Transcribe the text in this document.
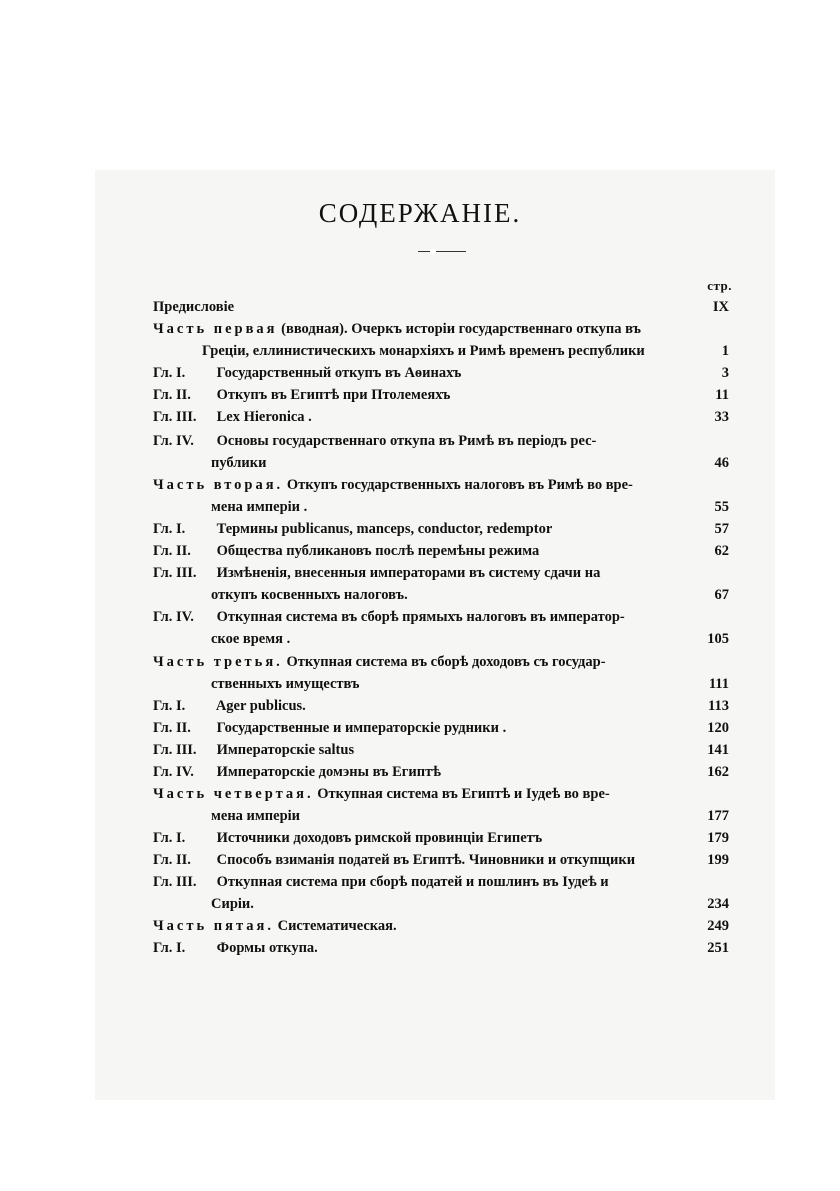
СОДЕРЖАНІЕ.
стр.
Предисловіе	IX
Часть первая (вводная). Очеркъ исторіи государственнаго откупа въ
Греціи, еллинистическихъ монархіяхъ и Римѣ временъ республики	1
Гл. I. Государственный откупъ въ Аѳинахъ	3
Гл. II. Откупъ въ Египтѣ при Птолемеяхъ	11
Гл. III. Lex Hieronica .	33
Гл. IV. Основы государственнаго откупа въ Римѣ въ періодъ рес-
публики	46
Часть вторая. Откупъ государственныхъ налоговъ въ Римѣ во вре-
мена имперіи .	55
Гл. I. Термины publicanus, manceps, conductor, redemptor	57
Гл. II. Общества публикановъ послѣ перемѣны режима	62
Гл. III. Измѣненія, внесенныя императорами въ систему сдачи на
откупъ косвенныхъ налоговъ.	67
Гл. IV. Откупная система въ сборѣ прямыхъ налоговъ въ император-
ское время .	105
Часть третья. Откупная система въ сборѣ доходовъ съ государ-
ственныхъ имуществъ	111
Гл. I. Ager publicus.	113
Гл. II. Государственные и императорскіе рудники .	120
Гл. III. Императорскіе saltus	141
Гл. IV. Императорскіе домэны въ Египтѣ	162
Часть четвертая. Откупная система въ Египтѣ и Іудеѣ во вре-
мена имперіи	177
Гл. I. Источники доходовъ римской провинціи Египетъ	179
Гл. II. Способъ взиманія податей въ Египтѣ. Чиновники и откупщики	199
Гл. III. Откупная система при сборѣ податей и пошлинъ въ Іудеѣ и
Сиріи.	234
Часть пятая. Систематическая.	249
Гл. I. Формы откупа.	251
